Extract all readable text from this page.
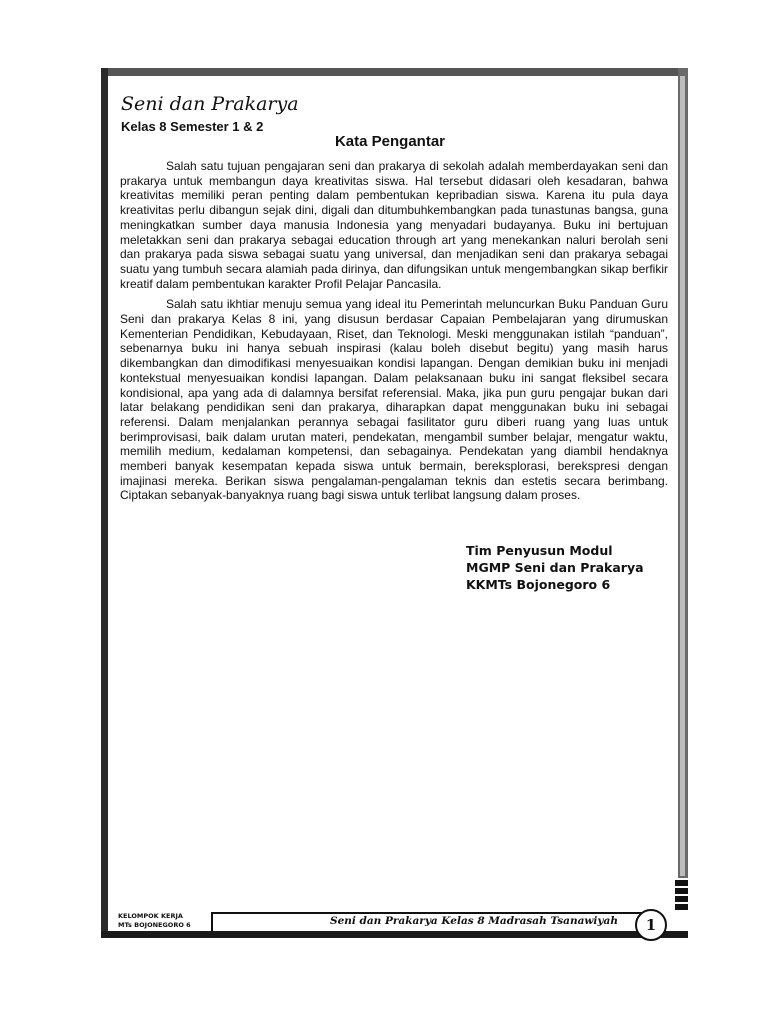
Seni dan Prakarya
Kelas 8 Semester 1 & 2
Kata Pengantar

Salah satu tujuan pengajaran seni dan prakarya di sekolah adalah memberdayakan seni dan prakarya untuk membangun daya kreativitas siswa. Hal tersebut didasari oleh kesadaran, bahwa kreativitas memiliki peran penting dalam pembentukan kepribadian siswa. Karena itu pula daya kreativitas perlu dibangun sejak dini, digali dan ditumbuhkembangkan pada tunastunas bangsa, guna meningkatkan sumber daya manusia Indonesia yang menyadari budayanya. Buku ini bertujuan meletakkan seni dan prakarya sebagai education through art yang menekankan naluri berolah seni dan prakarya pada siswa sebagai suatu yang universal, dan menjadikan seni dan prakarya sebagai suatu yang tumbuh secara alamiah pada dirinya, dan difungsikan untuk mengembangkan sikap berfikir kreatif dalam pembentukan karakter Profil Pelajar Pancasila.

Salah satu ikhtiar menuju semua yang ideal itu Pemerintah meluncurkan Buku Panduan Guru Seni dan prakarya Kelas 8 ini, yang disusun berdasar Capaian Pembelajaran yang dirumuskan Kementerian Pendidikan, Kebudayaan, Riset, dan Teknologi. Meski menggunakan istilah “panduan”, sebenarnya buku ini hanya sebuah inspirasi (kalau boleh disebut begitu) yang masih harus dikembangkan dan dimodifikasi menyesuaikan kondisi lapangan. Dengan demikian buku ini menjadi kontekstual menyesuaikan kondisi lapangan. Dalam pelaksanaan buku ini sangat fleksibel secara kondisional, apa yang ada di dalamnya bersifat referensial. Maka, jika pun guru pengajar bukan dari latar belakang pendidikan seni dan prakarya, diharapkan dapat menggunakan buku ini sebagai referensi. Dalam menjalankan perannya sebagai fasilitator guru diberi ruang yang luas untuk berimprovisasi, baik dalam urutan materi, pendekatan, mengambil sumber belajar, mengatur waktu, memilih medium, kedalaman kompetensi, dan sebagainya. Pendekatan yang diambil hendaknya memberi banyak kesempatan kepada siswa untuk bermain, bereksplorasi, berekspresi dengan imajinasi mereka. Berikan siswa pengalaman-pengalaman teknis dan estetis secara berimbang. Ciptakan sebanyak-banyaknya ruang bagi siswa untuk terlibat langsung dalam proses.

Tim Penyusun Modul
MGMP Seni dan Prakarya
KKMTs Bojonegoro 6
KELOMPOK KERJA
MTs BOJONEGORO 6	Seni dan Prakarya Kelas 8 Madrasah Tsanawiyah 1
